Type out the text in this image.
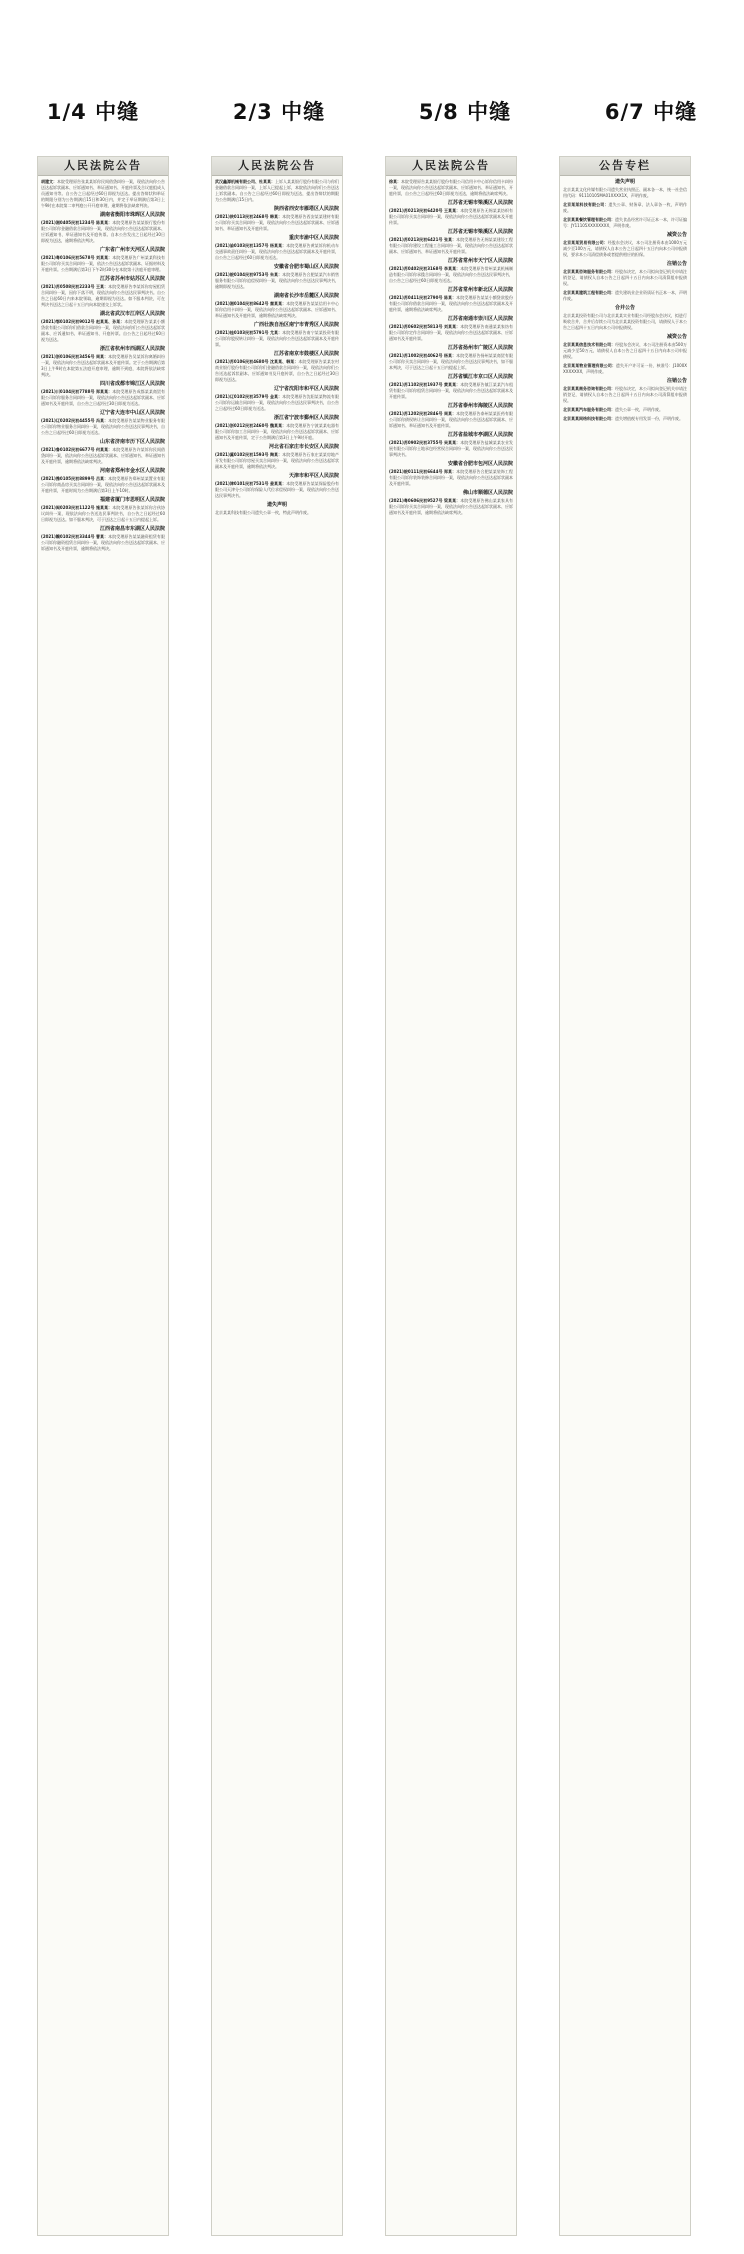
1/4 中缝	2/3 中缝	5/8 中缝	6/7 中缝
人民法院公告

胡建文：本院受理原告张某某诉你民间借贷纠纷一案，现依法向你公告送达起诉状副本、应诉通知书、举证通知书、开庭传票及合议庭组成人员通知书等。自公告之日起经过60日即视为送达。提出答辩状和举证的期限分别为公告期满后15日和30日内，并定于举证期满后第3日上午9时在本院第二审判庭公开开庭审理，逾期将依法缺席判决。

湖南省衡阳市珠晖区人民法院

(2021)湘0405民初1234号 陈某某：本院受理原告某某银行股份有限公司诉你金融借款合同纠纷一案，现依法向你公告送达起诉状副本、应诉通知书、举证通知书及开庭传票。自本公告发出之日起经过30日即视为送达，逾期将依法判决。

广东省广州市天河区人民法院

(2021)粤0106民初5678号 刘某某：本院受理原告广州某某科技有限公司诉你买卖合同纠纷一案，依法公告送达起诉状副本、证据材料及开庭传票。公告期满后第3日下午2时30分在本院第十法庭开庭审理。

江苏省苏州市姑苏区人民法院

(2021)苏0508民初2233号 王某：本院受理原告李某诉你房屋租赁合同纠纷一案，因你下落不明，现依法向你公告送达民事判决书。自公告之日起60日内来本院领取，逾期即视为送达。如不服本判决，可在判决书送达之日起十五日内向本院递交上诉状。

湖北省武汉市江岸区人民法院

(2021)鄂0102民初9012号 赵某某、孙某：本院受理原告某某小额贷款有限公司诉你们借款合同纠纷一案，现依法向你们公告送达起诉状副本、应诉通知书、举证通知书、开庭传票。自公告之日起经过60日视为送达。

浙江省杭州市西湖区人民法院

(2021)浙0106民初3456号 周某：本院受理原告吴某诉你离婚纠纷一案，现依法向你公告送达起诉状副本及开庭传票。定于公告期满后第3日上午9时在本院第五法庭开庭审理，逾期不到庭，本院将依法缺席判决。

四川省成都市锦江区人民法院

(2021)川0104民初7788号 郑某某：本院受理原告成都某某商贸有限公司诉你服务合同纠纷一案，现依法向你公告送达起诉状副本、应诉通知书及开庭传票，自公告之日起经过30日即视为送达。

辽宁省大连市中山区人民法院

(2021)辽0202民初4455号 冯某：本院受理原告某某物业服务有限公司诉你物业服务合同纠纷一案，现依法向你公告送达民事判决书，自公告之日起经过60日即视为送达。

山东省济南市历下区人民法院

(2021)鲁0102民初6677号 何某某：本院受理原告许某诉你民间借贷纠纷一案，依法向你公告送达起诉状副本、应诉通知书、举证通知书及开庭传票，逾期将依法缺席判决。

河南省郑州市金水区人民法院

(2021)豫0105民初8899号 吕某：本院受理原告郑州某某置业有限公司诉你商品房买卖合同纠纷一案，现依法向你公告送达起诉状副本及开庭传票，开庭时间为公告期满后第3日上午10时。

福建省厦门市思明区人民法院

(2021)闽0203民初1122号 施某某：本院受理原告张某诉你合伙协议纠纷一案，现依法向你公告送达民事判决书，自公告之日起经过60日即视为送达。如不服本判决，可于送达之日起十五日内提起上诉。

江西省南昌市东湖区人民法院

(2021)赣0102民初3344号 曹某：本院受理原告某某融资租赁有限公司诉你融资租赁合同纠纷一案，现依法向你公告送达起诉状副本、应诉通知书及开庭传票，逾期将依法判决。

人民法院公告

武汉鑫源机械有限公司、杜某某：上诉人某某银行股份有限公司与你们金融借款合同纠纷一案，上诉人已提起上诉，本院依法向你们公告送达上诉状副本。自公告之日起经过60日即视为送达，提出答辩状的期限为公告期满后15日内。

陕西省西安市雁塔区人民法院

(2021)陕0113民初2468号 韩某：本院受理原告西安某某建材有限公司诉你买卖合同纠纷一案，现依法向你公告送达起诉状副本、应诉通知书、举证通知书及开庭传票。

重庆市渝中区人民法院

(2021)渝0103民初1357号 杨某某：本院受理原告黄某诉你机动车交通事故责任纠纷一案，现依法向你公告送达起诉状副本及开庭传票，自公告之日起经过60日即视为送达。

安徽省合肥市蜀山区人民法院

(2021)皖0104民初9753号 朱某：本院受理原告合肥某某汽车销售服务有限公司诉你追偿权纠纷一案，现依法向你公告送达民事判决书，逾期即视为送达。

湖南省长沙市岳麓区人民法院

(2021)湘0104民初8642号 秦某某：本院受理原告某某信用卡中心诉你信用卡纠纷一案，现依法向你公告送达起诉状副本、应诉通知书、举证通知书及开庭传票，逾期将依法缺席判决。

广西壮族自治区南宁市青秀区人民法院

(2021)桂0103民初5791号 尤某：本院受理原告南宁某某投资有限公司诉你股权转让纠纷一案，现依法向你公告送达起诉状副本及开庭传票。

江苏省南京市鼓楼区人民法院

(2021)苏0106民初4680号 沈某某、韩某：本院受理原告某某农村商业银行股份有限公司诉你们金融借款合同纠纷一案，现依法向你们公告送达起诉状副本、应诉通知书及开庭传票，自公告之日起经过30日即视为送达。

辽宁省沈阳市和平区人民法院

(2021)辽0102民初3579号 金某：本院受理原告沈阳某某物流有限公司诉你运输合同纠纷一案，现依法向你公告送达民事判决书，自公告之日起经过60日即视为送达。

浙江省宁波市鄞州区人民法院

(2021)浙0212民初2460号 魏某某：本院受理原告宁波某某电器有限公司诉你加工合同纠纷一案，现依法向你公告送达起诉状副本、应诉通知书及开庭传票，定于公告期满后第3日上午9时开庭。

河北省石家庄市长安区人民法院

(2021)冀0102民初1593号 陶某：本院受理原告石家庄某某房地产开发有限公司诉你房屋买卖合同纠纷一案，现依法向你公告送达起诉状副本及开庭传票，逾期将依法判决。

天津市和平区人民法院

(2021)津0101民初7531号 姜某某：本院受理原告某某保险股份有限公司天津分公司诉你保险人代位求偿权纠纷一案，现依法向你公告送达民事判决书。

遗失声明

北京某某科技有限公司遗失公章一枚，特此声明作废。

人民法院公告

徐某：本院受理原告某某银行股份有限公司信用卡中心诉你信用卡纠纷一案，现依法向你公告送达起诉状副本、应诉通知书、举证通知书、开庭传票，自公告之日起经过60日即视为送达，逾期将依法缺席判决。

江苏省无锡市梁溪区人民法院

(2021)苏0213民初6420号 王某某：本院受理原告无锡某某纺织有限公司诉你买卖合同纠纷一案，现依法向你公告送达起诉状副本及开庭传票。

江苏省无锡市梁溪区人民法院

(2021)苏0213民初6421号 张某：本院受理原告无锡某某建设工程有限公司诉你建设工程施工合同纠纷一案，现依法向你公告送达起诉状副本、应诉通知书、举证通知书及开庭传票。

江苏省常州市天宁区人民法院

(2021)苏0402民初3168号 李某某：本院受理原告常州某某机械制造有限公司诉你承揽合同纠纷一案，现依法向你公告送达民事判决书，自公告之日起经过60日即视为送达。

江苏省常州市新北区人民法院

(2021)苏0411民初2790号 陈某：本院受理原告某某小额贷款股份有限公司诉你借款合同纠纷一案，现依法向你公告送达起诉状副本及开庭传票，逾期将依法缺席判决。

江苏省南通市崇川区人民法院

(2021)苏0602民初5813号 刘某某：本院受理原告南通某某家纺有限公司诉你定作合同纠纷一案，现依法向你公告送达起诉状副本、应诉通知书及开庭传票。

江苏省扬州市广陵区人民法院

(2021)苏1002民初4062号 杨某：本院受理原告扬州某某商贸有限公司诉你买卖合同纠纷一案，现依法向你公告送达民事判决书，如不服本判决，可于送达之日起十五日内提起上诉。

江苏省镇江市京口区人民法院

(2021)苏1102民初1937号 黄某某：本院受理原告镇江某某汽车租赁有限公司诉你租赁合同纠纷一案，现依法向你公告送达起诉状副本及开庭传票。

江苏省泰州市海陵区人民法院

(2021)苏1202民初2846号 周某：本院受理原告泰州某某医药有限公司诉你债权转让合同纠纷一案，现依法向你公告送达起诉状副本、应诉通知书、举证通知书及开庭传票。

江苏省盐城市亭湖区人民法院

(2021)苏0902民初3755号 吴某某：本院受理原告盐城某某农业发展有限公司诉你土地承包经营权合同纠纷一案，现依法向你公告送达民事判决书。

安徽省合肥市包河区人民法院

(2021)皖0111民初6644号 郑某：本院受理原告合肥某某装饰工程有限公司诉你装饰装修合同纠纷一案，现依法向你公告送达起诉状副本及开庭传票。

佛山市顺德区人民法院

(2021)粤0606民初9527号 梁某某：本院受理原告佛山某某家具有限公司诉你买卖合同纠纷一案，现依法向你公告送达起诉状副本、应诉通知书及开庭传票，逾期将依法缺席判决。

公告专栏
遗失声明

北京某某文化传媒有限公司遗失营业执照正、副本各一本，统一社会信用代码：91110105MA01XXXX1X，声明作废。

北京某某科技有限公司：遗失公章、财务章、法人章各一枚，声明作废。

北京某某餐饮管理有限公司：遗失食品经营许可证正本一本，许可证编号：JY11105XXXXXXXX，声明作废。

减资公告

北京某某贸易有限公司：经股东会决议，本公司注册资本由1000万元减少至100万元，请债权人自本公告之日起四十五日内向本公司申报债权，要求本公司清偿债务或者提供相应的担保。

注销公告

北京某某咨询服务有限公司：经股东决定，本公司拟向登记机关申请注销登记，请债权人自本公告之日起四十五日内向本公司清算组申报债权。

北京某某建筑工程有限公司：遗失建筑业企业资质证书正本一本，声明作废。

合并公告

北京某某投资有限公司与北京某某实业有限公司经股东会决议，拟进行吸收合并，合并后存续公司为北京某某投资有限公司，请债权人于本公告之日起四十五日内向本公司申报债权。

减资公告

北京某某信息技术有限公司：经股东会决议，本公司注册资本由500万元减少至50万元，请债权人自本公告之日起四十五日内向本公司申报债权。

北京某某物业管理有限公司：遗失开户许可证一份，核准号：J1000XXXXXXXX，声明作废。

注销公告

北京某某商务咨询有限公司：经股东决定，本公司拟向登记机关申请注销登记，请债权人自本公告之日起四十五日内向本公司清算组申报债权。

北京某某汽车服务有限公司：遗失公章一枚，声明作废。

北京某某网络科技有限公司：遗失增值税专用发票一份，声明作废。
